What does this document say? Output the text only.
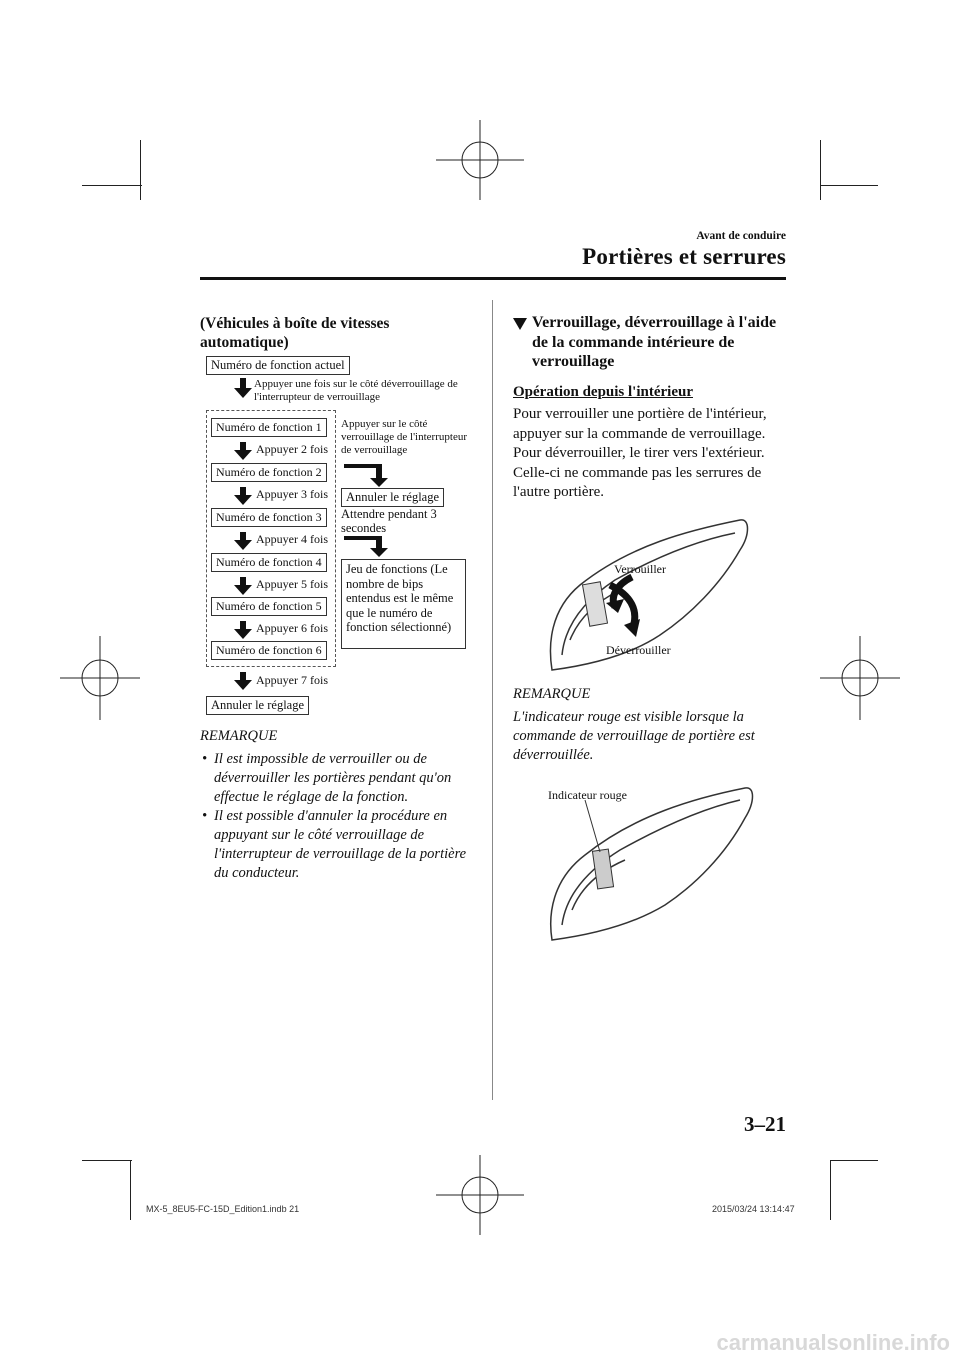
Avant de conduire
Portières et serrures
(Véhicules à boîte de vitesses automatique)
Numéro de fonction actuel
Appuyer une fois sur le côté déverrouillage de l'interrupteur de verrouillage
Numéro de fonction 1
Appuyer 2 fois
Numéro de fonction 2
Appuyer 3 fois
Numéro de fonction 3
Appuyer 4 fois
Numéro de fonction 4
Appuyer 5 fois
Numéro de fonction 5
Appuyer 6 fois
Numéro de fonction 6
Appuyer 7 fois
Annuler le réglage
Appuyer sur le côté verrouillage de l'interrupteur de verrouillage
Annuler le réglage
Attendre pendant 3 secondes
Jeu de fonctions (Le nombre de bips entendus est le même que le numéro de fonction sélectionné)
REMARQUE
• Il est impossible de verrouiller ou de déverrouiller les portières pendant qu'on effectue le réglage de la fonction.
• Il est possible d'annuler la procédure en appuyant sur le côté verrouillage de l'interrupteur de verrouillage de la portière du conducteur.
Verrouillage, déverrouillage à l'aide de la commande intérieure de verrouillage
Opération depuis l'intérieur
Pour verrouiller une portière de l'intérieur, appuyer sur la commande de verrouillage. Pour déverrouiller, le tirer vers l'extérieur. Celle-ci ne commande pas les serrures de l'autre portière.
Verrouiller
Déverrouiller
REMARQUE
L'indicateur rouge est visible lorsque la commande de verrouillage de portière est déverrouillée.
Indicateur rouge
3–21
MX-5_8EU5-FC-15D_Edition1.indb 21	2015/03/24 13:14:47
carmanualsonline.info
